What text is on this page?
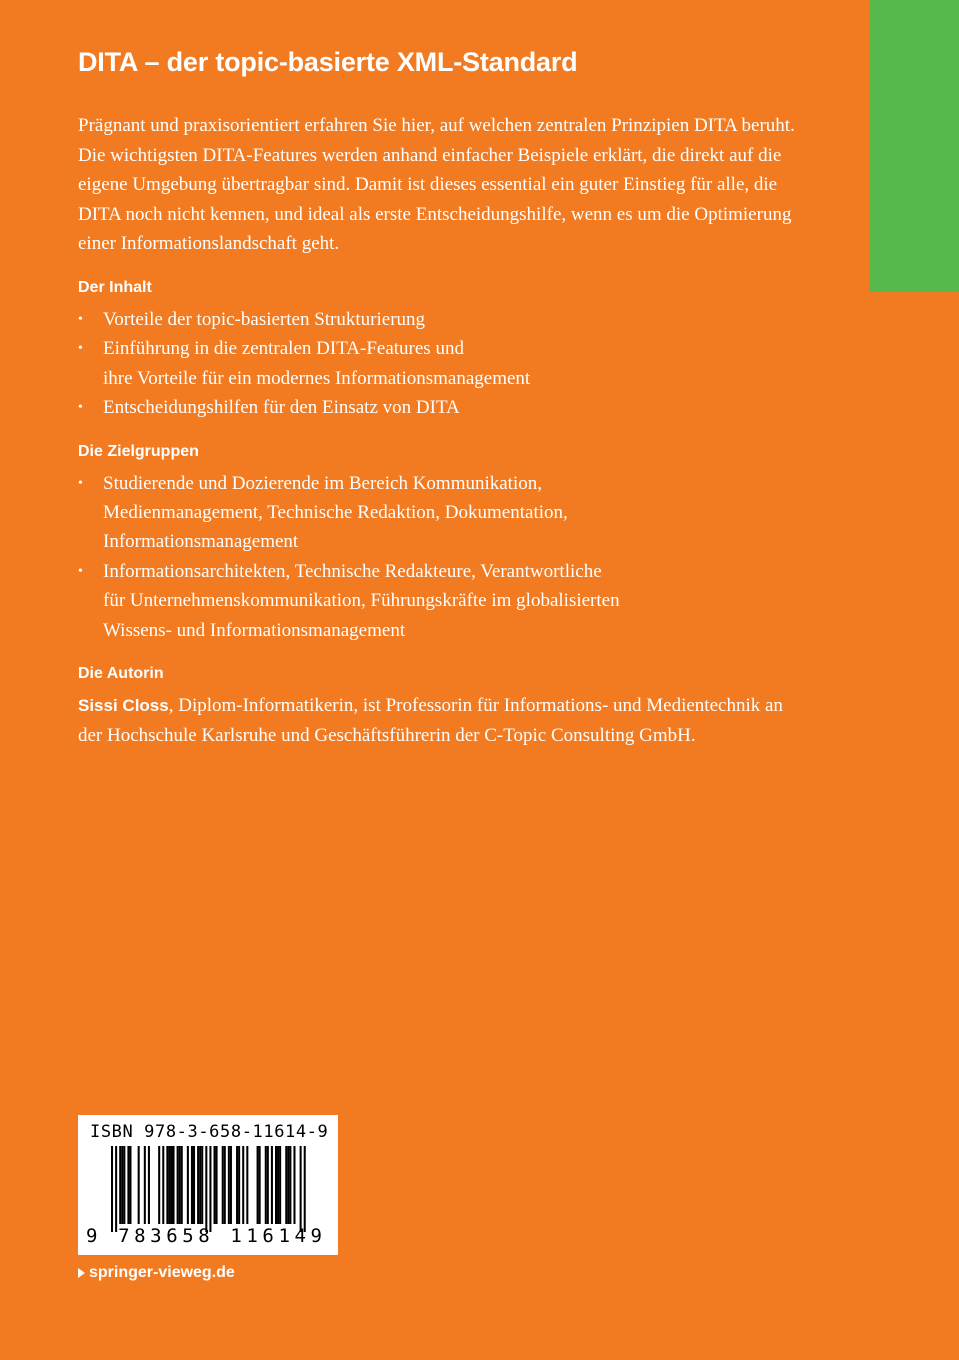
DITA – der topic-basierte XML-Standard

Prägnant und praxisorientiert erfahren Sie hier, auf welchen zentralen Prinzipien DITA beruht. Die wichtigsten DITA-Features werden anhand einfacher Beispiele erklärt, die direkt auf die eigene Umgebung übertragbar sind. Damit ist dieses essential ein guter Einstieg für alle, die DITA noch nicht kennen, und ideal als erste Entscheidungshilfe, wenn es um die Optimierung einer Informationslandschaft geht.

Der Inhalt
• Vorteile der topic-basierten Strukturierung
• Einführung in die zentralen DITA-Features und
ihre Vorteile für ein modernes Informationsmanagement
• Entscheidungshilfen für den Einsatz von DITA
Die Zielgruppen
• Studierende und Dozierende im Bereich Kommunikation,
Medienmanagement, Technische Redaktion, Dokumentation,
Informationsmanagement
• Informationsarchitekten, Technische Redakteure, Verantwortliche
für Unternehmenskommunikation, Führungskräfte im globalisierten
Wissens- und Informationsmanagement
Die Autorin

Sissi Closs, Diplom-Informatikerin, ist Professorin für Informations- und Medientechnik an der Hochschule Karlsruhe und Geschäftsführerin der C-Topic Consulting GmbH.

ISBN 978-3-658-11614-9
9 783658 116149
springer-vieweg.de
